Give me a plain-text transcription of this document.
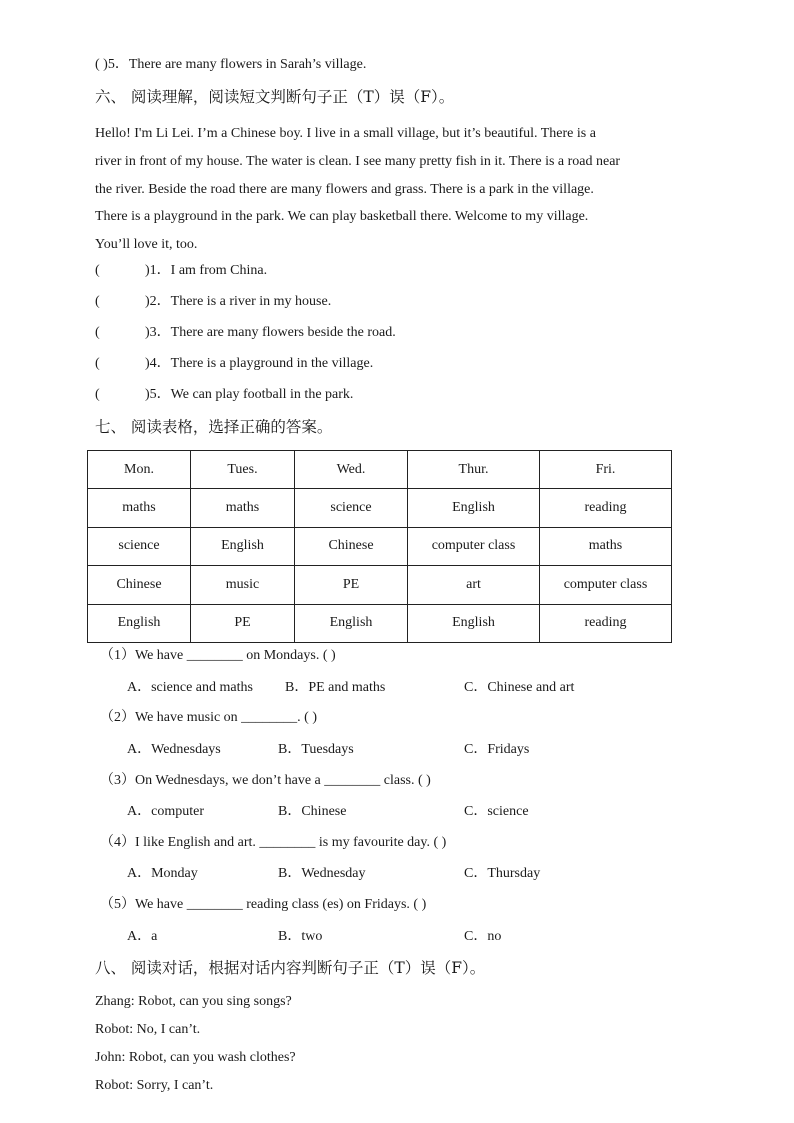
( )5．There are many flowers in Sarah’s village.
六、 阅读理解，阅读短文判断句子正（T）误（F）。
Hello! I'm Li Lei. I’m a Chinese boy. I live in a small village, but it’s beautiful. There is a
river in front of my house. The water is clean. I see many pretty fish in it. There is a road near
the river. Beside the road there are many flowers and grass. There is a park in the village.
There is a playground in the park. We can play basketball there. Welcome to my village.
You’ll love it, too.
(	)1．I am from China.
(	)2．There is a river in my house.
(	)3．There are many flowers beside the road.
(	)4．There is a playground in the village.
(	)5．We can play football in the park.
七、 阅读表格，选择正确的答案。
Mon.	Tues.	Wed.	Thur.	Fri.
maths	maths	science	English	reading
science	English	Chinese	computer class	maths
Chinese	music	PE	art	computer class
English	PE	English	English	reading
（1）We have ________ on Mondays. ( )
A．science and maths B．PE and maths	C．Chinese and art
（2）We have music on ________. ( )
A．Wednesdays	B．Tuesdays	C．Fridays
（3）On Wednesdays, we don’t have a ________ class. ( )
A．computer	B．Chinese	C．science
（4）I like English and art. ________ is my favourite day. ( )
A．Monday	B．Wednesday	C．Thursday
（5）We have ________ reading class (es) on Fridays. ( )
A．a	B．two	C．no
八、 阅读对话，根据对话内容判断句子正（T）误（F）。
Zhang: Robot, can you sing songs?
Robot: No, I can’t.
John: Robot, can you wash clothes?
Robot: Sorry, I can’t.
